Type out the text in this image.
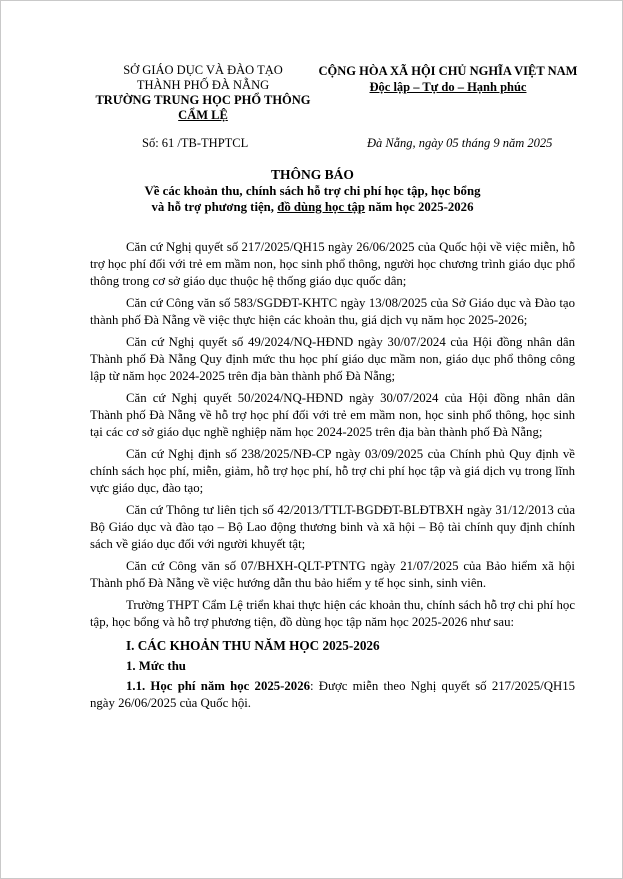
SỞ GIÁO DỤC VÀ ĐÀO TẠO
THÀNH PHỐ ĐÀ NẴNG
TRƯỜNG TRUNG HỌC PHỔ THÔNG
CẨM LỆ
CỘNG HÒA XÃ HỘI CHỦ NGHĨA VIỆT NAM
Độc lập – Tự do – Hạnh phúc
Số: 61 /TB-THPTCL	Đà Nẵng, ngày 05 tháng 9 năm 2025
THÔNG BÁO
Về các khoản thu, chính sách hỗ trợ chi phí học tập, học bổng
và hỗ trợ phương tiện, đồ dùng học tập năm học 2025-2026

Căn cứ Nghị quyết số 217/2025/QH15 ngày 26/06/2025 của Quốc hội về việc miễn, hỗ trợ học phí đối với trẻ em mầm non, học sinh phổ thông, người học chương trình giáo dục phổ thông trong cơ sở giáo dục thuộc hệ thống giáo dục quốc dân;

Căn cứ Công văn số 583/SGDĐT-KHTC ngày 13/08/2025 của Sở Giáo dục và Đào tạo thành phố Đà Nẵng về việc thực hiện các khoản thu, giá dịch vụ năm học 2025-2026;

Căn cứ Nghị quyết số 49/2024/NQ-HĐND ngày 30/07/2024 của Hội đồng nhân dân Thành phố Đà Nẵng Quy định mức thu học phí giáo dục mầm non, giáo dục phổ thông công lập từ năm học 2024-2025 trên địa bàn thành phố Đà Nẵng;

Căn cứ Nghị quyết 50/2024/NQ-HĐND ngày 30/07/2024 của Hội đồng nhân dân Thành phố Đà Nẵng về hỗ trợ học phí đối với trẻ em mầm non, học sinh phổ thông, học sinh tại các cơ sở giáo dục nghề nghiệp năm học 2024-2025 trên địa bàn thành phố Đà Nẵng;

Căn cứ Nghị định số 238/2025/NĐ-CP ngày 03/09/2025 của Chính phủ Quy định về chính sách học phí, miễn, giảm, hỗ trợ học phí, hỗ trợ chi phí học tập và giá dịch vụ trong lĩnh vực giáo dục, đào tạo;

Căn cứ Thông tư liên tịch số 42/2013/TTLT-BGDĐT-BLĐTBXH ngày 31/12/2013 của Bộ Giáo dục và đào tạo – Bộ Lao động thương binh và xã hội – Bộ tài chính quy định chính sách về giáo dục đối với người khuyết tật;

Căn cứ Công văn số 07/BHXH-QLT-PTNTG ngày 21/07/2025 của Bảo hiểm xã hội Thành phố Đà Nẵng về việc hướng dẫn thu bảo hiểm y tế học sinh, sinh viên.

Trường THPT Cẩm Lệ triển khai thực hiện các khoản thu, chính sách hỗ trợ chi phí học tập, học bổng và hỗ trợ phương tiện, đồ dùng học tập năm học 2025-2026 như sau:

I. CÁC KHOẢN THU NĂM HỌC 2025-2026
1. Mức thu

1.1. Học phí năm học 2025-2026: Được miễn theo Nghị quyết số 217/2025/QH15 ngày 26/06/2025 của Quốc hội.
